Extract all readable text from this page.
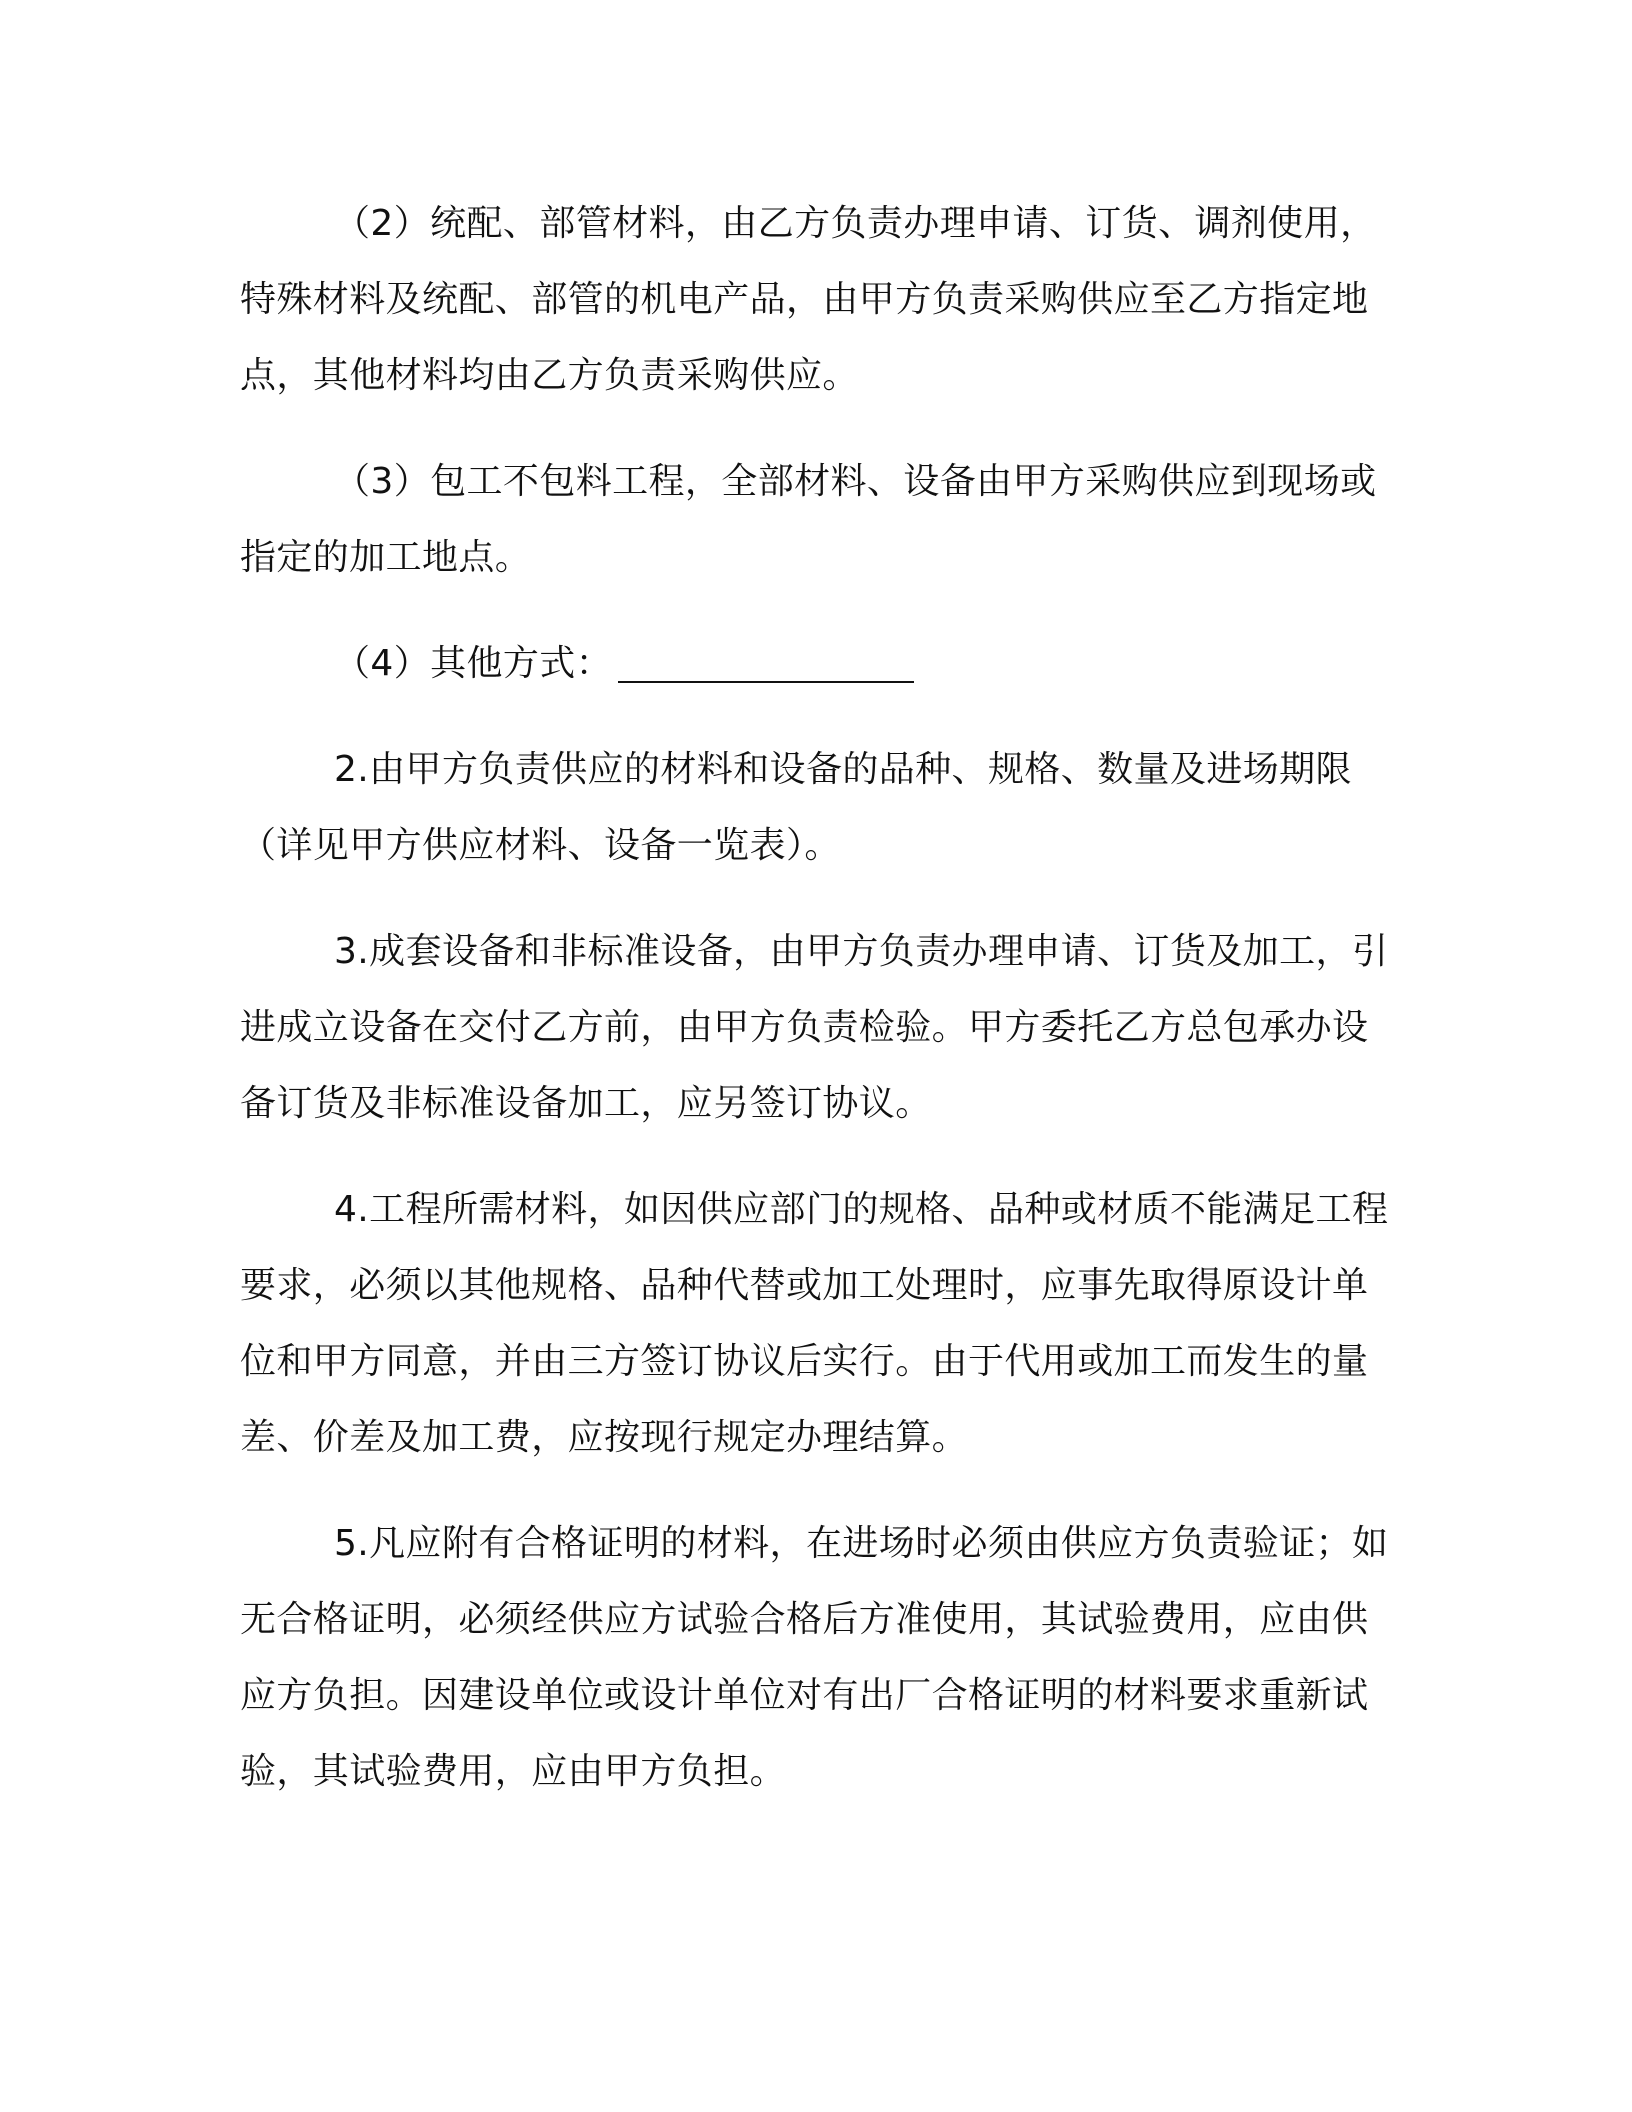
（2）统配、部管材料，由乙方负责办理申请、订货、调剂使用，特殊材料及统配、部管的机电产品，由甲方负责采购供应至乙方指定地点，其他材料均由乙方负责采购供应。

（3）包工不包料工程，全部材料、设备由甲方采购供应到现场或指定的加工地点。

（4）其他方式：

2.由甲方负责供应的材料和设备的品种、规格、数量及进场期限（详见甲方供应材料、设备一览表）。

3.成套设备和非标准设备，由甲方负责办理申请、订货及加工，引进成立设备在交付乙方前，由甲方负责检验。甲方委托乙方总包承办设备订货及非标准设备加工，应另签订协议。

4.工程所需材料，如因供应部门的规格、品种或材质不能满足工程要求，必须以其他规格、品种代替或加工处理时，应事先取得原设计单位和甲方同意，并由三方签订协议后实行。由于代用或加工而发生的量差、价差及加工费，应按现行规定办理结算。

5.凡应附有合格证明的材料，在进场时必须由供应方负责验证；如无合格证明，必须经供应方试验合格后方准使用，其试验费用，应由供应方负担。因建设单位或设计单位对有出厂合格证明的材料要求重新试验，其试验费用，应由甲方负担。
